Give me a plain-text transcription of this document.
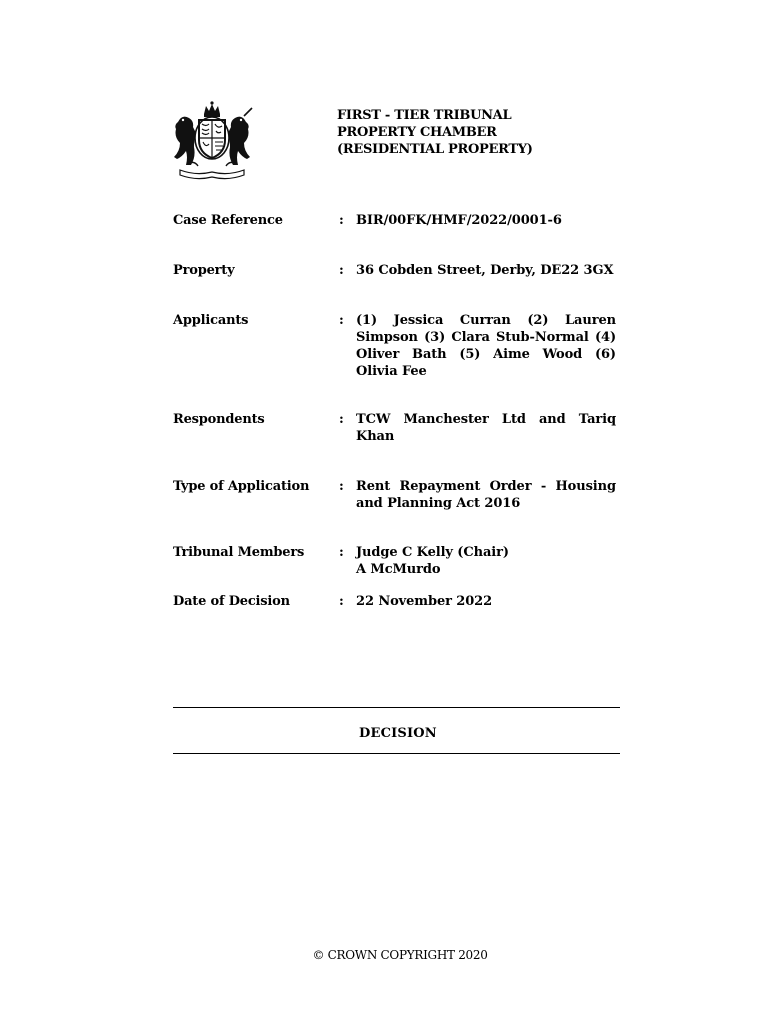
FIRST - TIER TRIBUNAL
PROPERTY CHAMBER
(RESIDENTIAL PROPERTY)
Case Reference	: BIR/00FK/HMF/2022/0001-6
Property	: 36 Cobden Street, Derby, DE22 3GX
Applicants	: (1) Jessica Curran (2) Lauren Simpson (3) Clara Stub-Normal (4) Oliver Bath (5) Aime Wood (6) Olivia Fee
Respondents	: TCW Manchester Ltd and Tariq Khan
Type of Application	: Rent Repayment Order - Housing and Planning Act 2016
Tribunal Members	: Judge C Kelly (Chair)
A McMurdo
Date of Decision	: 22 November 2022
DECISION
© CROWN COPYRIGHT 2020
